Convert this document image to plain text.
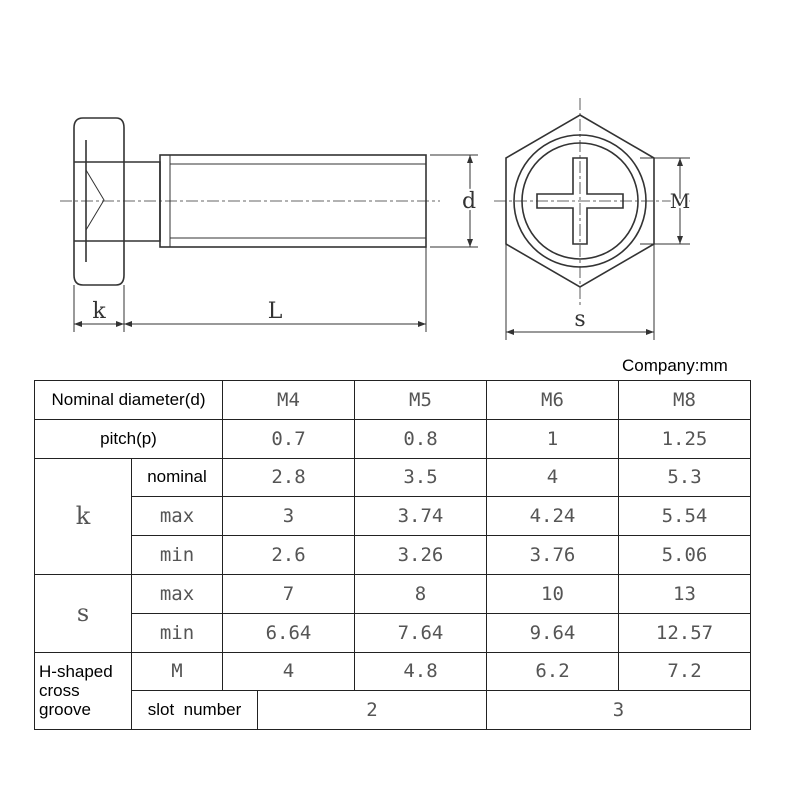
k	L
d	M
s
Company:mm
Nominal diameter(d)		M4		M5	M6	M8
pitch(p)		0.7		0.8	1	1.25
k	nominal	2.8		3.5	4	5.3
	max	3		3.74	4.24	5.54
	min	2.6		3.26	3.76	5.06
s	max	7		8	10	13
	min	6.64		7.64	9.64	12.57
H-shaped cross groove	M	4		4.8	6.2	7.2
	slot  number		2		3	
